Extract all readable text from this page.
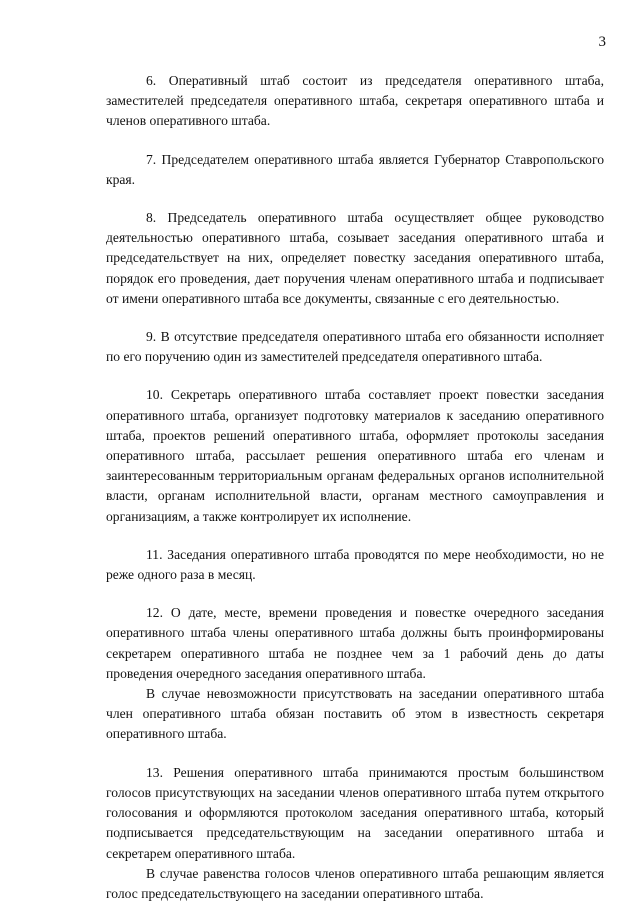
3

6. Оперативный штаб состоит из председателя оперативного штаба, заместителей председателя оперативного штаба, секретаря оперативного штаба и членов оперативного штаба.

7. Председателем оперативного штаба является Губернатор Ставропольского края.

8. Председатель оперативного штаба осуществляет общее руководство деятельностью оперативного штаба, созывает заседания оперативного штаба и председательствует на них, определяет повестку заседания оперативного штаба, порядок его проведения, дает поручения членам оперативного штаба и подписывает от имени оперативного штаба все документы, связанные с его деятельностью.

9. В отсутствие председателя оперативного штаба его обязанности исполняет по его поручению один из заместителей председателя оперативного штаба.

10. Секретарь оперативного штаба составляет проект повестки заседания оперативного штаба, организует подготовку материалов к заседанию оперативного штаба, проектов решений оперативного штаба, оформляет протоколы заседания оперативного штаба, рассылает решения оперативного штаба его членам и заинтересованным территориальным органам федеральных органов исполнительной власти, органам исполнительной власти, органам местного самоуправления и организациям, а также контролирует их исполнение.

11. Заседания оперативного штаба проводятся по мере необходимости, но не реже одного раза в месяц.

12. О дате, месте, времени проведения и повестке очередного заседания оперативного штаба члены оперативного штаба должны быть проинформированы секретарем оперативного штаба не позднее чем за 1 рабочий день до даты проведения очередного заседания оперативного штаба.

В случае невозможности присутствовать на заседании оперативного штаба член оперативного штаба обязан поставить об этом в известность секретаря оперативного штаба.

13. Решения оперативного штаба принимаются простым большинством голосов присутствующих на заседании членов оперативного штаба путем открытого голосования и оформляются протоколом заседания оперативного штаба, который подписывается председательствующим на заседании оперативного штаба и секретарем оперативного штаба.

В случае равенства голосов членов оперативного штаба решающим является голос председательствующего на заседании оперативного штаба.
